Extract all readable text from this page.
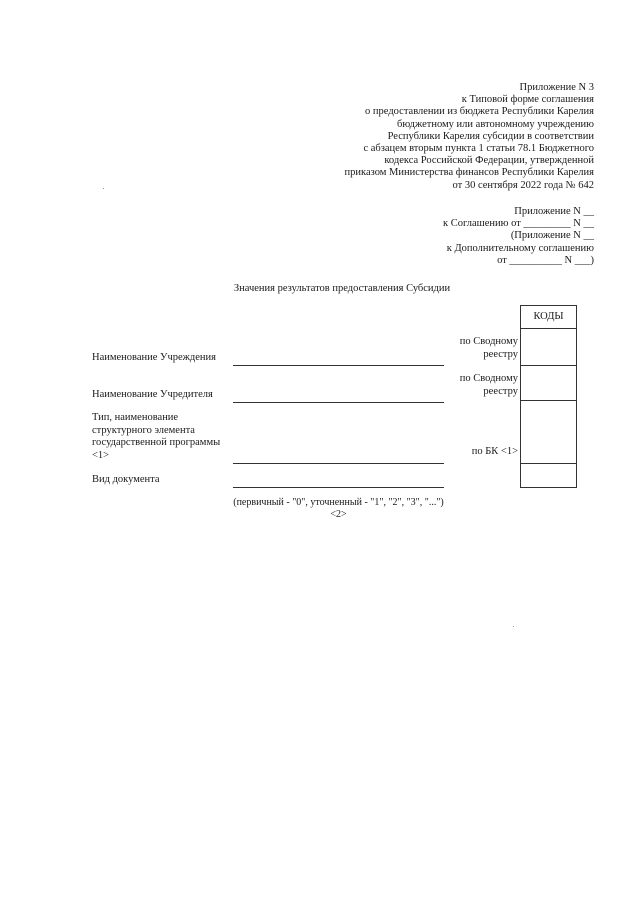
Приложение N 3
к Типовой форме соглашения
о предоставлении из бюджета Республики Карелия
бюджетному или автономному учреждению
Республики Карелия субсидии в соответствии
с абзацем вторым пункта 1 статьи 78.1 Бюджетного
кодекса Российской Федерации, утвержденной
приказом Министерства финансов Республики Карелия
от 30 сентября 2022 года № 642
Приложение N __
к Соглашению от _________ N __
(Приложение N __
к Дополнительному соглашению
от __________ N ___)
Значения результатов предоставления Субсидии
Наименование Учреждения
Наименование Учредителя
Тип, наименование
структурного элемента
государственной программы
<1>
Вид документа
(первичный - "0", уточненный - "1", "2", "3", "...") <2>
по Сводному
реестру
по Сводному
реестру
по БК <1>
КОДЫ
